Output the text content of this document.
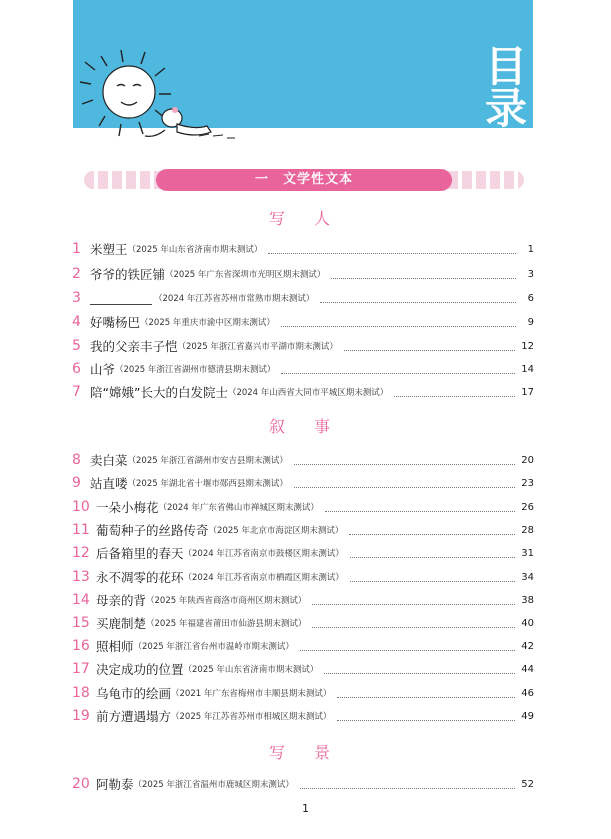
目
录
一　文学性文本
写 人
叙 事
写 景
1 米塑王 （2025 年山东省济南市期末测试）	1
2 爷爷的铁匠铺 （2025 年广东省深圳市光明区期末测试）	3
3	（2024 年江苏省苏州市常熟市期末测试）	6
4 好嘴杨巴 （2025 年重庆市渝中区期末测试）	9
5 我的父亲丰子恺 （2025 年浙江省嘉兴市平湖市期末测试）	12
6 山爷 （2025 年浙江省湖州市德清县期末测试）	14
7 陪“嫦娥”长大的白发院士 （2024 年山西省大同市平城区期末测试）	17
8 卖白菜 （2025 年浙江省湖州市安吉县期末测试）	20
9 站直喽 （2025 年湖北省十堰市郧西县期末测试）	23
10 一朵小梅花 （2024 年广东省佛山市禅城区期末测试）	26
11 葡萄种子的丝路传奇 （2025 年北京市海淀区期末测试）	28
12 后备箱里的春天 （2024 年江苏省南京市鼓楼区期末测试）	31
13 永不凋零的花环 （2024 年江苏省南京市栖霞区期末测试）	34
14 母亲的背 （2025 年陕西省商洛市商州区期末测试）	38
15 买鹿制楚 （2025 年福建省莆田市仙游县期末测试）	40
16 照相师 （2025 年浙江省台州市温岭市期末测试）	42
17 决定成功的位置 （2025 年山东省济南市期末测试）	44
18 乌龟市的绘画 （2021 年广东省梅州市丰顺县期末测试）	46
19 前方遭遇塌方 （2025 年江苏省苏州市相城区期末测试）	49
20 阿勒泰 （2025 年浙江省温州市鹿城区期末测试）	52
1
